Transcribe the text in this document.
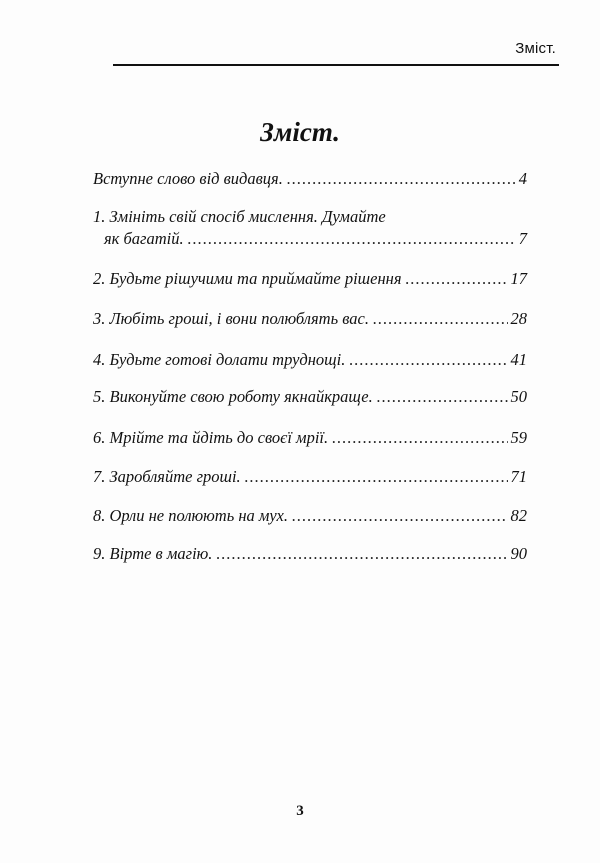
Зміст.
Зміст.
Вступне слово від видавця. .....	4
1. Змініть свій спосіб мислення. Думайте
як багатій. .....	7
2. Будьте рішучими та приймайте рішення .....	17
3. Любіть гроші, і вони полюблять вас. .....	28
4. Будьте готові долати труднощі. .....	41
5. Виконуйте свою роботу якнайкраще. .....	50
6. Мрійте та йдіть до своєї мрії. .....	59
7. Заробляйте гроші. .....	71
8. Орли не полюють на мух. .....	82
9. Вірте в магію. .....	90
3
